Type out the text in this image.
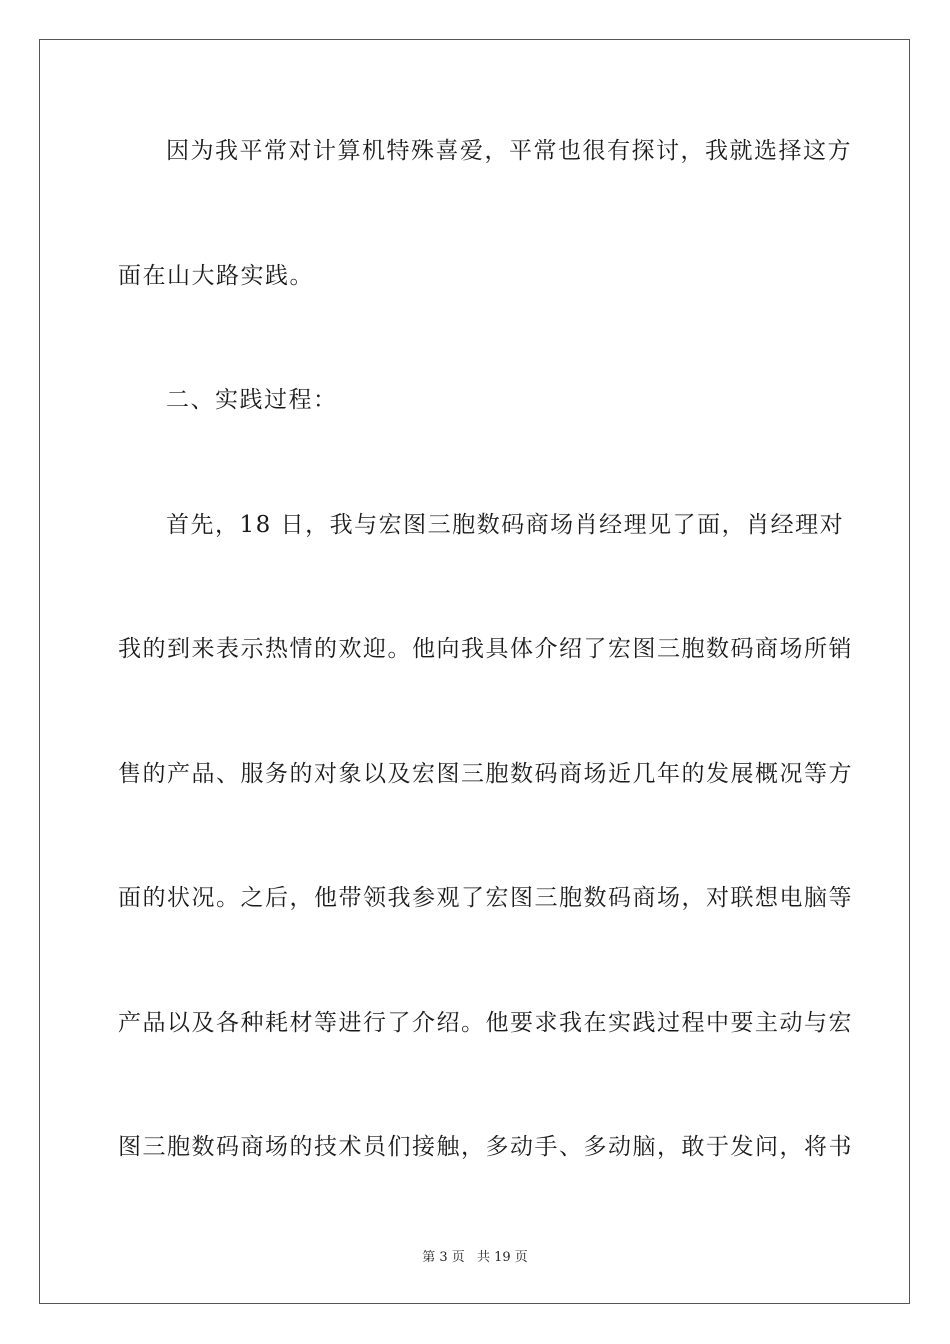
因为我平常对计算机特殊喜爱，平常也很有探讨，我就选择这方
面在山大路实践。
二、实践过程：
首先，18 日，我与宏图三胞数码商场肖经理见了面，肖经理对
我的到来表示热情的欢迎。他向我具体介绍了宏图三胞数码商场所销
售的产品、服务的对象以及宏图三胞数码商场近几年的发展概况等方
面的状况。之后，他带领我参观了宏图三胞数码商场，对联想电脑等
产品以及各种耗材等进行了介绍。他要求我在实践过程中要主动与宏
图三胞数码商场的技术员们接触，多动手、多动脑，敢于发问，将书
第 3 页 共 19 页
